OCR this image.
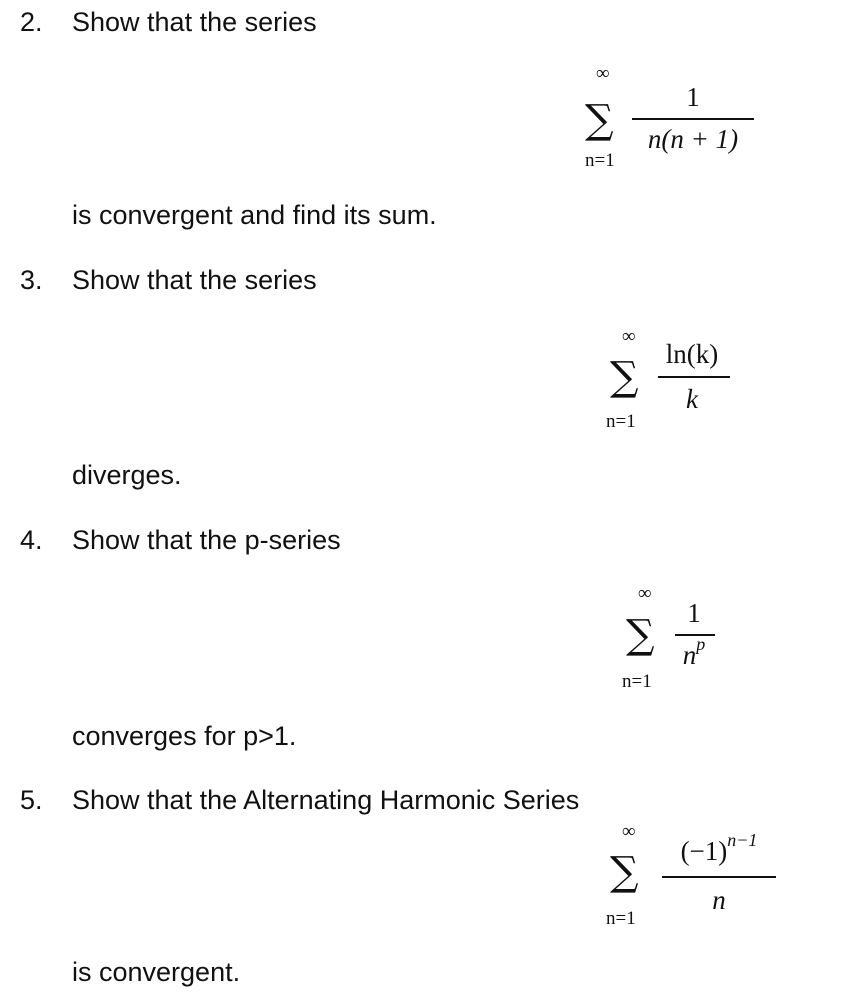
2. Show that the series
∞
∑
n=1
1
n(n + 1)
is convergent and find its sum.
3. Show that the series
∞
∑
n=1
ln(k)
k
diverges.
4. Show that the p-series
∞
∑
n=1
1
$n^p$
converges for p>1.
5. Show that the Alternating Harmonic Series
∞
∑
n=1
$(-1)^{n-1}$
n
is convergent.
